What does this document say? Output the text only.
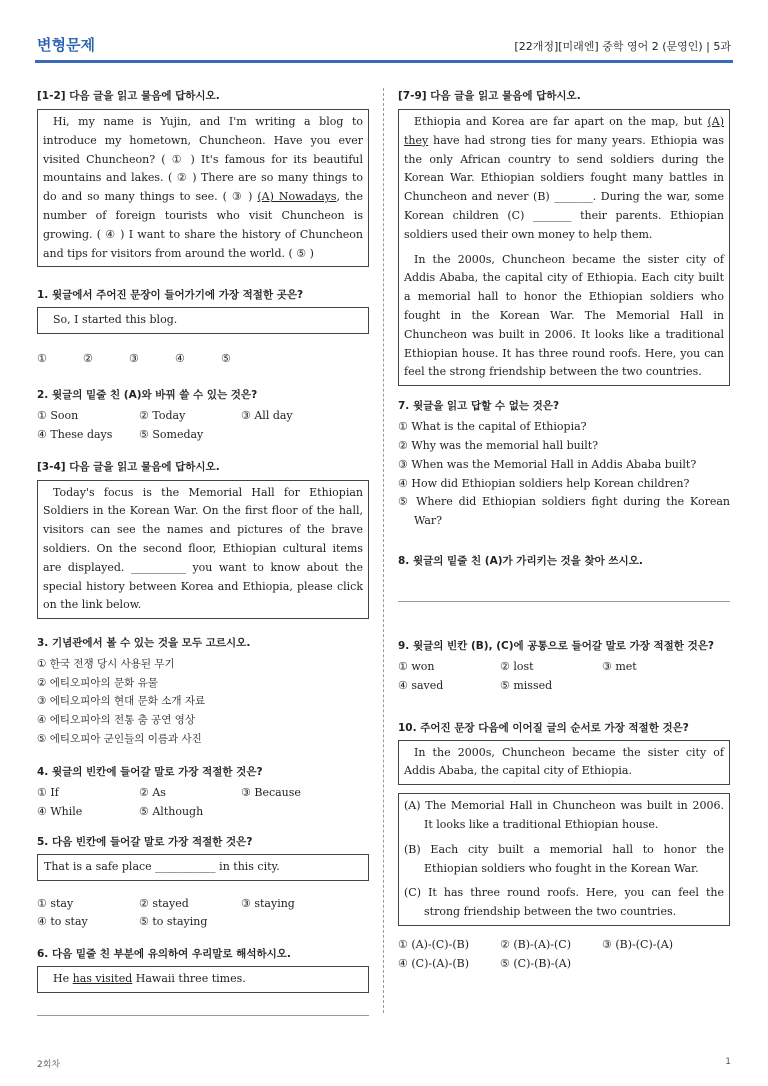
변형문제	[22개정][미래엔] 중학 영어 2 (문영인) | 5과
[1-2] 다음 글을 읽고 물음에 답하시오.

Hi, my name is Yujin, and I'm writing a blog to introduce my hometown, Chuncheon. Have you ever visited Chuncheon? ( ① ) It's famous for its beautiful mountains and lakes. ( ② ) There are so many things to do and so many things to see. ( ③ ) (A) Nowadays, the number of foreign tourists who visit Chuncheon is growing. ( ④ ) I want to share the history of Chuncheon and tips for visitors from around the world. ( ⑤ )

1. 윗글에서 주어진 문장이 들어가기에 가장 적절한 곳은?

So, I started this blog.

①	②	③	④	⑤
2. 윗글의 밑줄 친 (A)와 바꿔 쓸 수 있는 것은?
① Soon	② Today	③ All day
④ These days	⑤ Someday
[3-4] 다음 글을 읽고 물음에 답하시오.

Today's focus is the Memorial Hall for Ethiopian Soldiers in the Korean War. On the first floor of the hall, visitors can see the names and pictures of the brave soldiers. On the second floor, Ethiopian cultural items are displayed. __________ you want to know about the special history between Korea and Ethiopia, please click on the link below.

3. 기념관에서 볼 수 있는 것을 모두 고르시오.
① 한국 전쟁 당시 사용된 무기
② 에티오피아의 문화 유물
③ 에티오피아의 현대 문화 소개 자료
④ 에티오피아의 전통 춤 공연 영상
⑤ 에티오피아 군인들의 이름과 사진
4. 윗글의 빈칸에 들어갈 말로 가장 적절한 것은?
① If	② As	③ Because
④ While	⑤ Although
5. 다음 빈칸에 들어갈 말로 가장 적절한 것은?
That is a safe place ___________ in this city.
① stay	② stayed	③ staying
④ to stay	⑤ to staying
6. 다음 밑줄 친 부분에 유의하여 우리말로 해석하시오.

He has visited Hawaii three times.

[7-9] 다음 글을 읽고 물음에 답하시오.

Ethiopia and Korea are far apart on the map, but (A) they have had strong ties for many years. Ethiopia was the only African country to send soldiers during the Korean War. Ethiopian soldiers fought many battles in Chuncheon and never (B) _______. During the war, some Korean children (C) _______ their parents. Ethiopian soldiers used their own money to help them.

In the 2000s, Chuncheon became the sister city of Addis Ababa, the capital city of Ethiopia. Each city built a memorial hall to honor the Ethiopian soldiers who fought in the Korean War. The Memorial Hall in Chuncheon was built in 2006. It looks like a traditional Ethiopian house. It has three round roofs. Here, you can feel the strong friendship between the two countries.

7. 윗글을 읽고 답할 수 없는 것은?
① What is the capital of Ethiopia?
② Why was the memorial hall built?
③ When was the Memorial Hall in Addis Ababa built?
④ How did Ethiopian soldiers help Korean children?
⑤ Where did Ethiopian soldiers fight during the Korean War?
8. 윗글의 밑줄 친 (A)가 가리키는 것을 찾아 쓰시오.
9. 윗글의 빈칸 (B), (C)에 공통으로 들어갈 말로 가장 적절한 것은?
① won	② lost	③ met
④ saved	⑤ missed
10. 주어진 문장 다음에 이어질 글의 순서로 가장 적절한 것은?

In the 2000s, Chuncheon became the sister city of Addis Ababa, the capital city of Ethiopia.

(A) The Memorial Hall in Chuncheon was built in 2006. It looks like a traditional Ethiopian house.
(B) Each city built a memorial hall to honor the Ethiopian soldiers who fought in the Korean War.
(C) It has three round roofs. Here, you can feel the strong friendship between the two countries.
① (A)-(C)-(B)	② (B)-(A)-(C)	③ (B)-(C)-(A)
④ (C)-(A)-(B)	⑤ (C)-(B)-(A)
2회차	1
